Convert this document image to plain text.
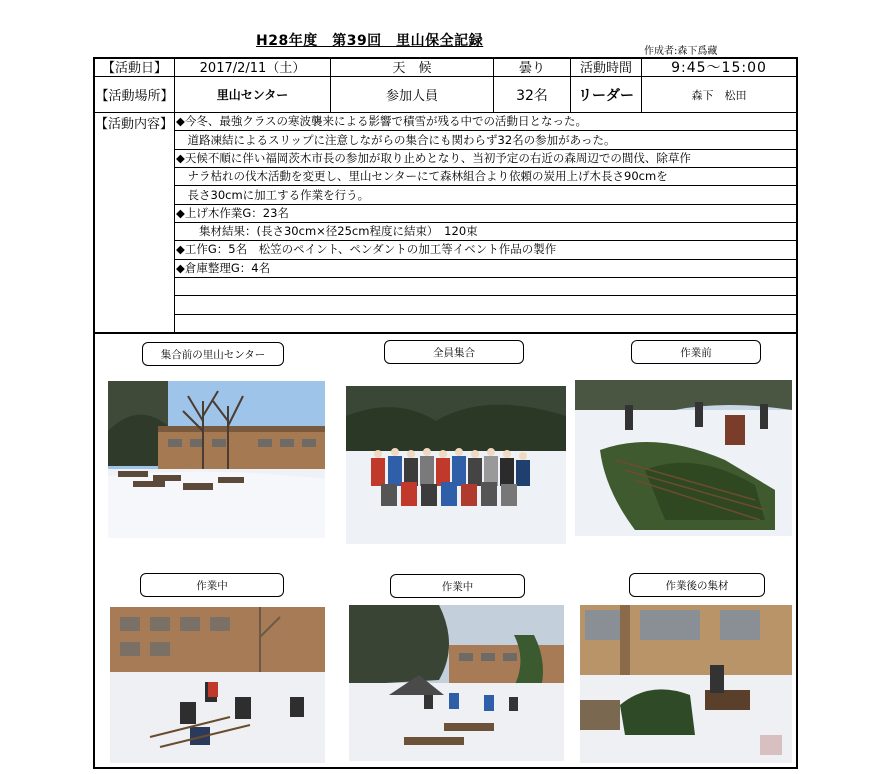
H28年度　第39回　里山保全記録
作成者:森下爲藏
【活動日】	2017/2/11（土）	天　候	曇り	活動時間	9:45〜15:00
【活動場所】	里山センター	参加人員	32名	リーダー	森下　松田
【活動内容】 ◆今冬、最強クラスの寒波襲来による影響で積雪が残る中での活動日となった。
　道路凍結によるスリップに注意しながらの集合にも関わらず32名の参加があった。
◆天候不順に伴い福岡茨木市長の参加が取り止めとなり、当初予定の右近の森周辺での間伐、除草作
　ナラ枯れの伐木活動を変更し、里山センターにて森林組合より依頼の炭用上げ木長さ90cmを
　長さ30cmに加工する作業を行う。
◆上げ木作業G：23名
　　集材結果：(長さ30cm×径25cm程度に結束）　120束
◆工作G：5名　松笠のペイント、ペンダントの加工等イベント作品の製作
◆倉庫整理G：4名
集合前の里山センター	全員集合	作業前
作業中	作業中	作業後の集材
